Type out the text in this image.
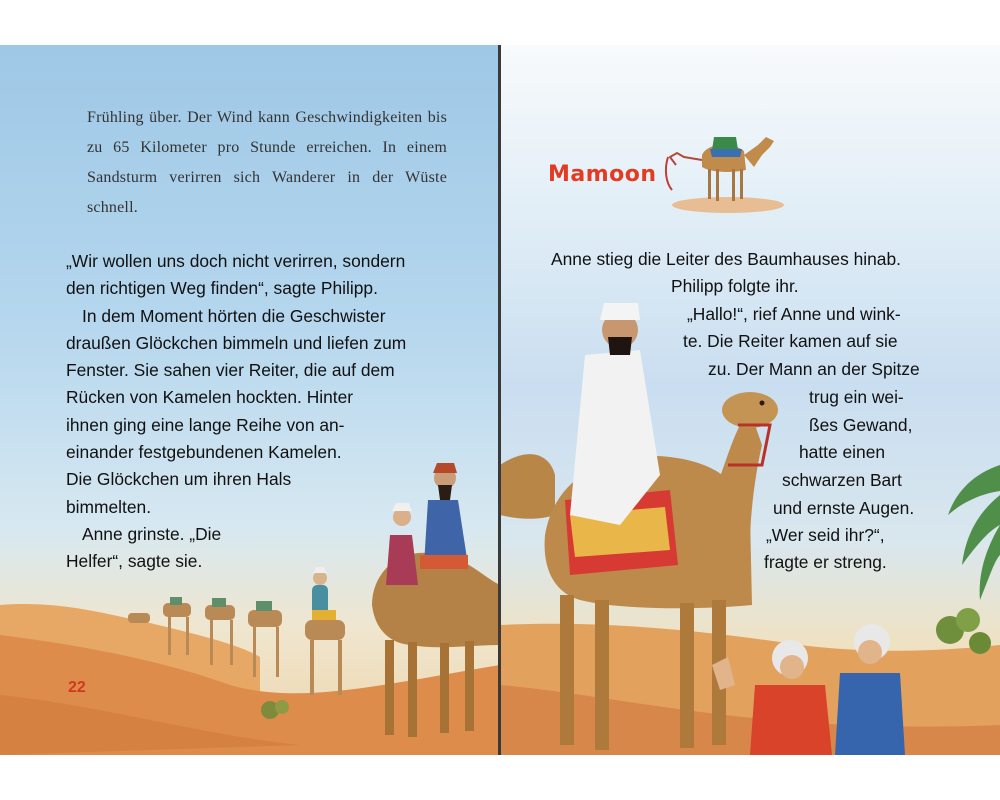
Frühling über. Der Wind kann Geschwindigkeiten bis zu 65 Kilometer pro Stunde erreichen. In einem Sandsturm verirren sich Wanderer in der Wüste schnell.

„Wir wollen uns doch nicht verirren, sondern
den richtigen Weg finden“, sagte Philipp.
In dem Moment hörten die Geschwister
draußen Glöckchen bimmeln und liefen zum
Fenster. Sie sahen vier Reiter, die auf dem
Rücken von Kamelen hockten. Hinter
ihnen ging eine lange Reihe von an-
einander festgebundenen Kamelen.
Die Glöckchen um ihren Hals
bimmelten.
Anne grinste. „Die
Helfer“, sagte sie.
22
Mamoon

Anne stieg die Leiter des Baumhauses hinab.

Philipp folgte ihr.

„Hallo!“, rief Anne und wink-

te. Die Reiter kamen auf sie

zu. Der Mann an der Spitze

trug ein wei-

ßes Gewand,

hatte einen

schwarzen Bart

und ernste Augen.

„Wer seid ihr?“,

fragte er streng.
